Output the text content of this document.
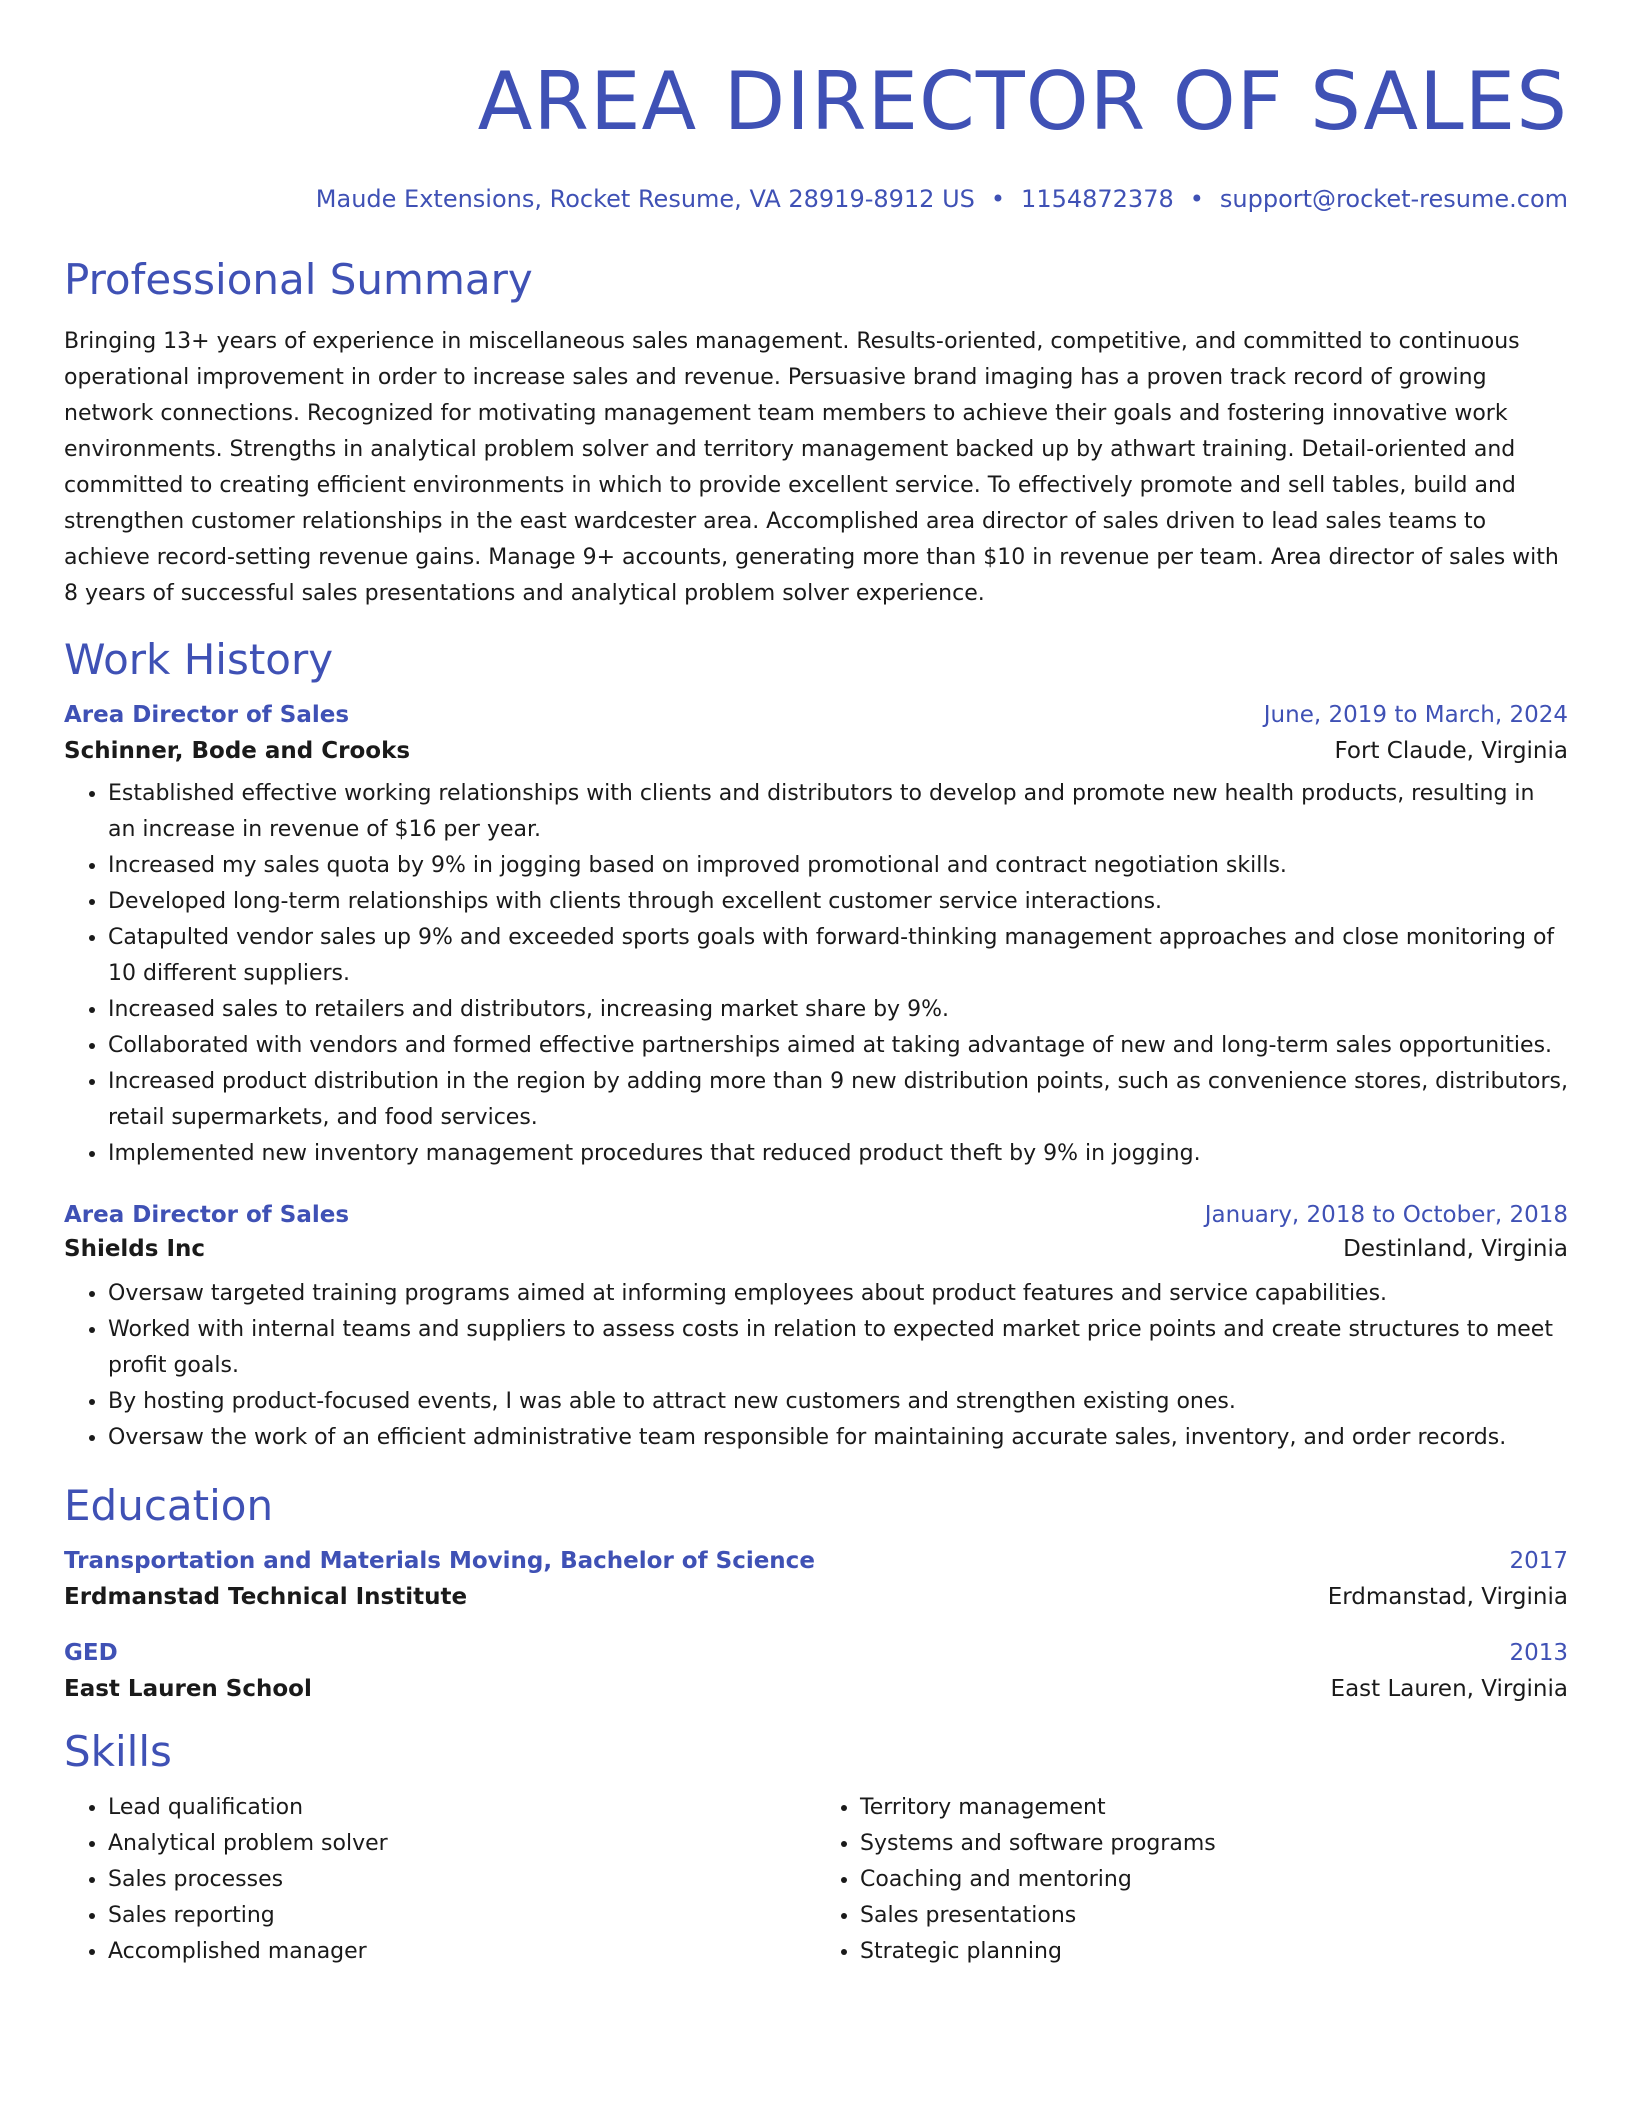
AREA DIRECTOR OF SALES
Maude Extensions, Rocket Resume, VA 28919-8912 US • 1154872378 • support@rocket-resume.com
Professional Summary

Bringing 13+ years of experience in miscellaneous sales management. Results-oriented, competitive, and committed to continuous operational improvement in order to increase sales and revenue. Persuasive brand imaging has a proven track record of growing network connections. Recognized for motivating management team members to achieve their goals and fostering innovative work environments. Strengths in analytical problem solver and territory management backed up by athwart training. Detail-oriented and committed to creating efficient environments in which to provide excellent service. To effectively promote and sell tables, build and strengthen customer relationships in the east wardcester area. Accomplished area director of sales driven to lead sales teams to achieve record-setting revenue gains. Manage 9+ accounts, generating more than $10 in revenue per team. Area director of sales with 8 years of successful sales presentations and analytical problem solver experience.

Work History
Area Director of Sales	June, 2019 to March, 2024
Schinner, Bode and Crooks	Fort Claude, Virginia
• Established effective working relationships with clients and distributors to develop and promote new health products, resulting in an increase in revenue of $16 per year.
• Increased my sales quota by 9% in jogging based on improved promotional and contract negotiation skills.
• Developed long-term relationships with clients through excellent customer service interactions.
• Catapulted vendor sales up 9% and exceeded sports goals with forward-thinking management approaches and close monitoring of 10 different suppliers.
• Increased sales to retailers and distributors, increasing market share by 9%.
• Collaborated with vendors and formed effective partnerships aimed at taking advantage of new and long-term sales opportunities.
• Increased product distribution in the region by adding more than 9 new distribution points, such as convenience stores, distributors, retail supermarkets, and food services.
• Implemented new inventory management procedures that reduced product theft by 9% in jogging.
Area Director of Sales	January, 2018 to October, 2018
Shields Inc	Destinland, Virginia
• Oversaw targeted training programs aimed at informing employees about product features and service capabilities.
• Worked with internal teams and suppliers to assess costs in relation to expected market price points and create structures to meet profit goals.
• By hosting product-focused events, I was able to attract new customers and strengthen existing ones.
• Oversaw the work of an efficient administrative team responsible for maintaining accurate sales, inventory, and order records.
Education
Transportation and Materials Moving, Bachelor of Science	2017
Erdmanstad Technical Institute	Erdmanstad, Virginia
GED	2013
East Lauren School	East Lauren, Virginia
Skills
• Lead qualification
• Analytical problem solver
• Sales processes
• Sales reporting
• Accomplished manager
• Territory management
• Systems and software programs
• Coaching and mentoring
• Sales presentations
• Strategic planning
